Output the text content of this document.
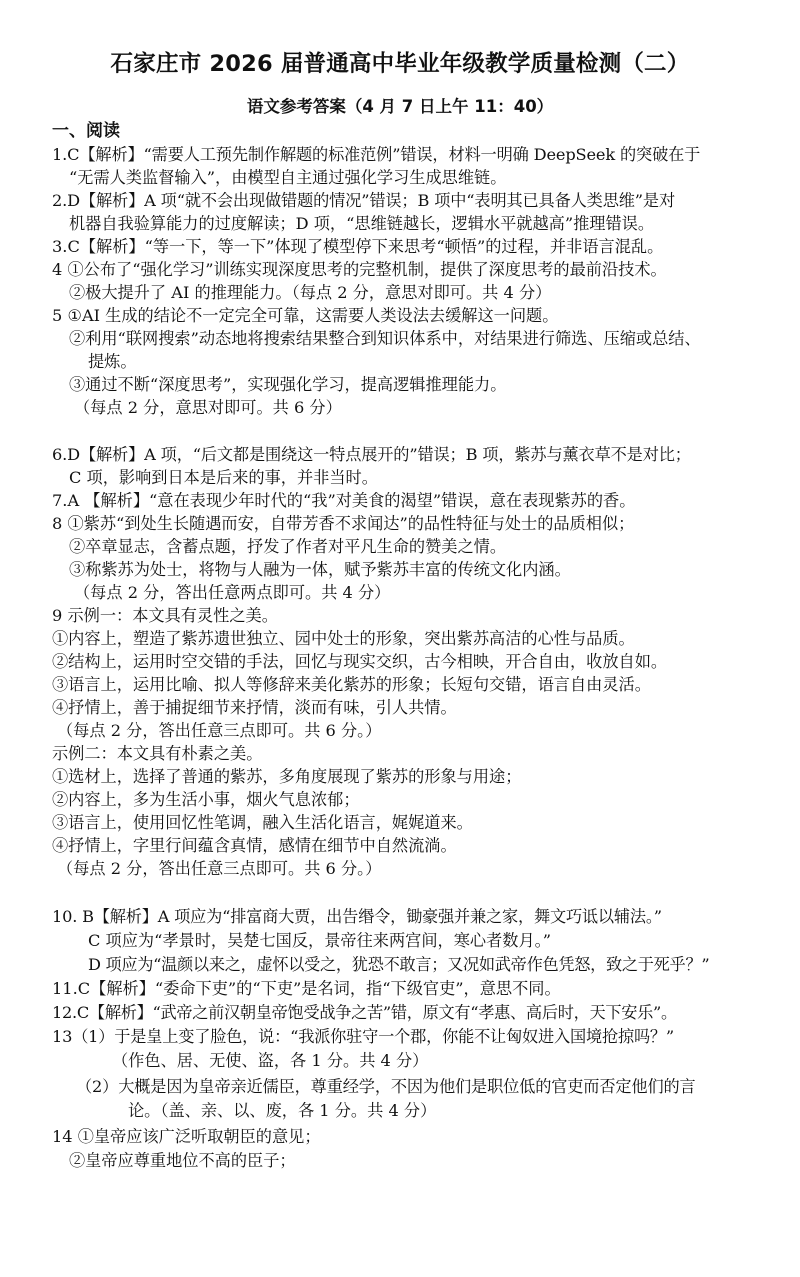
石家庄市 2026 届普通高中毕业年级教学质量检测（二）
语文参考答案（4 月 7 日上午 11：40）
一、阅读
1.C【解析】“需要人工预先制作解题的标准范例”错误，材料一明确 DeepSeek 的突破在于
“无需人类监督输入”，由模型自主通过强化学习生成思维链。
2.D【解析】A 项“就不会出现做错题的情况”错误；B 项中“表明其已具备人类思维”是对
机器自我验算能力的过度解读；D 项，“思维链越长，逻辑水平就越高”推理错误。
3.C【解析】“等一下，等一下”体现了模型停下来思考“顿悟”的过程，并非语言混乱。
4 ①公布了“强化学习”训练实现深度思考的完整机制，提供了深度思考的最前沿技术。
②极大提升了 AI 的推理能力。（每点 2 分，意思对即可。共 4 分）
5 ①AI 生成的结论不一定完全可靠，这需要人类设法去缓解这一问题。
②利用“联网搜索”动态地将搜索结果整合到知识体系中，对结果进行筛选、压缩或总结、
提炼。
③通过不断“深度思考”，实现强化学习，提高逻辑推理能力。
（每点 2 分，意思对即可。共 6 分）
6.D【解析】A 项，“后文都是围绕这一特点展开的”错误；B 项，紫苏与薰衣草不是对比；
C 项，影响到日本是后来的事，并非当时。
7.A 【解析】“意在表现少年时代的“我”对美食的渴望”错误，意在表现紫苏的香。
8 ①紫苏“到处生长随遇而安，自带芳香不求闻达”的品性特征与处士的品质相似；
②卒章显志，含蓄点题，抒发了作者对平凡生命的赞美之情。
③称紫苏为处士，将物与人融为一体，赋予紫苏丰富的传统文化内涵。
（每点 2 分，答出任意两点即可。共 4 分）
9 示例一：本文具有灵性之美。
①内容上，塑造了紫苏遗世独立、园中处士的形象，突出紫苏高洁的心性与品质。
②结构上，运用时空交错的手法，回忆与现实交织，古今相映，开合自由，收放自如。
③语言上，运用比喻、拟人等修辞来美化紫苏的形象；长短句交错，语言自由灵活。
④抒情上，善于捕捉细节来抒情，淡而有味，引人共情。
（每点 2 分，答出任意三点即可。共 6 分。）
示例二：本文具有朴素之美。
①选材上，选择了普通的紫苏，多角度展现了紫苏的形象与用途；
②内容上，多为生活小事，烟火气息浓郁；
③语言上，使用回忆性笔调，融入生活化语言，娓娓道来。
④抒情上，字里行间蕴含真情，感情在细节中自然流淌。
（每点 2 分，答出任意三点即可。共 6 分。）
10. B【解析】A 项应为“排富商大贾，出告缗令，锄豪强并兼之家，舞文巧诋以辅法。”
C 项应为“孝景时，吴楚七国反，景帝往来两宫间，寒心者数月。”
D 项应为“温颜以来之，虚怀以受之，犹恐不敢言；又况如武帝作色凭怒，致之于死乎？”
11.C【解析】“委命下吏”的“下吏”是名词，指“下级官吏”，意思不同。
12.C【解析】“武帝之前汉朝皇帝饱受战争之苦”错，原文有“孝惠、高后时，天下安乐”。
13（1）于是皇上变了脸色，说：“我派你驻守一个郡，你能不让匈奴进入国境抢掠吗？”
（作色、居、无使、盗，各 1 分。共 4 分）
（2）大概是因为皇帝亲近儒臣，尊重经学，不因为他们是职位低的官吏而否定他们的言
论。（盖、亲、以、废，各 1 分。共 4 分）
14 ①皇帝应该广泛听取朝臣的意见；
②皇帝应尊重地位不高的臣子；
